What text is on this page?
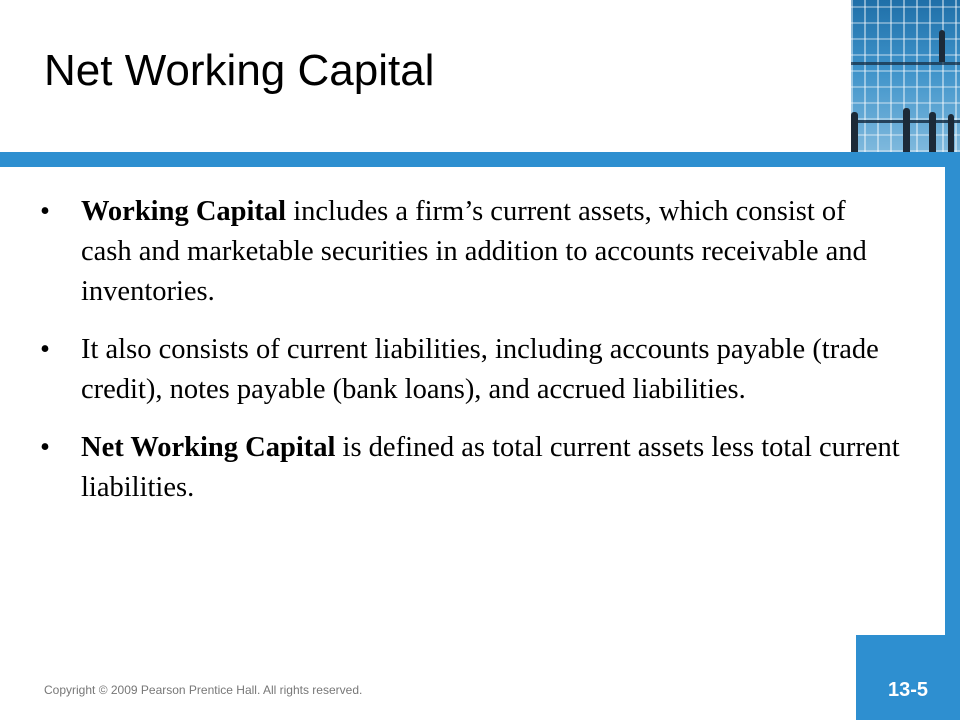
Net Working Capital
• Working Capital includes a firm’s current assets, which consist of cash and marketable securities in addition to accounts receivable and inventories.
• It also consists of current liabilities, including accounts payable (trade credit), notes payable (bank loans), and accrued liabilities.
• Net Working Capital is defined as total current assets less total current liabilities.
Copyright © 2009 Pearson Prentice Hall. All rights reserved.	13-5
